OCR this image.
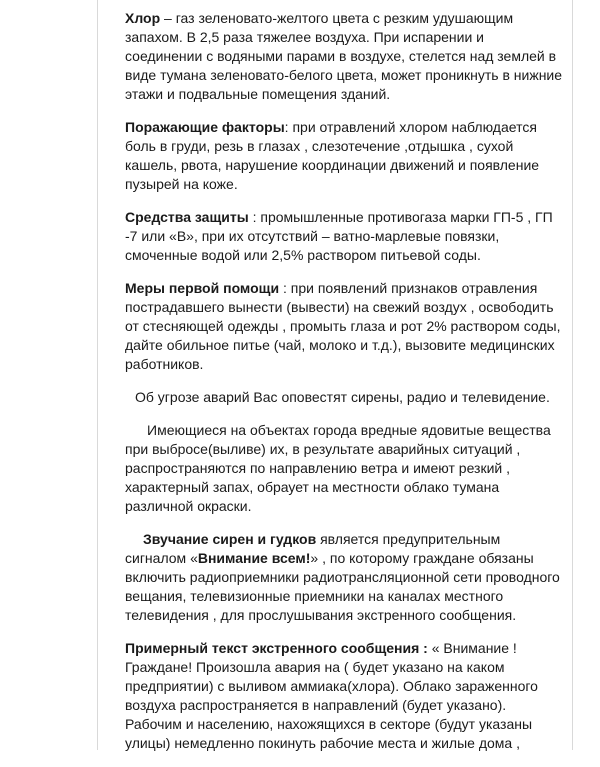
Хлор – газ зеленовато-желтого цвета с резким удушающим запахом. В 2,5 раза тяжелее воздуха. При испарении и соединении с водяными парами в воздухе, стелется над землей в виде тумана зеленовато-белого цвета, может проникнуть в нижние этажи и подвальные помещения зданий.

Поражающие факторы: при отравлений хлором наблюдается боль в груди, резь в глазах , слезотечение ,отдышка , сухой кашель, рвота, нарушение координации движений и появление пузырей на коже.

Средства защиты : промышленные противогаза марки ГП-5 , ГП -7 или «В», при их отсутствий – ватно-марлевые повязки, смоченные водой или 2,5% раствором питьевой соды.

Меры первой помощи : при появлений признаков отравления пострадавшего вынести (вывести) на свежий воздух , освободить от стесняющей одежды , промыть глаза и рот 2% раствором соды, дайте обильное питье (чай, молоко и т.д.), вызовите медицинских работников.

Об угрозе аварий Вас оповестят сирены, радио и телевидение.

Имеющиеся на объектах города вредные ядовитые вещества при выбросе(выливе) их, в результате аварийных ситуаций , распространяются по направлению ветра и имеют резкий , характерный запах, обраует на местности облако тумана различной окраски.

Звучание сирен и гудков является предупрительным сигналом «Внимание всем!» , по которому граждане обязаны включить радиоприемники радиотрансляционной сети проводного вещания, телевизионные приемники на каналах местного телевидения , для прослушывания экстренного сообщения.

Примерный текст экстренного сообщения : « Внимание ! Граждане! Произошла авария на ( будет указано на каком предприятии) с выливом аммиака(хлора). Облако зараженного воздуха распространяется в направлений (будет указано). Рабочим и населению, нахожящихся в секторе (будут указаны улицы) немедленно покинуть рабочие места и жилые дома ,
